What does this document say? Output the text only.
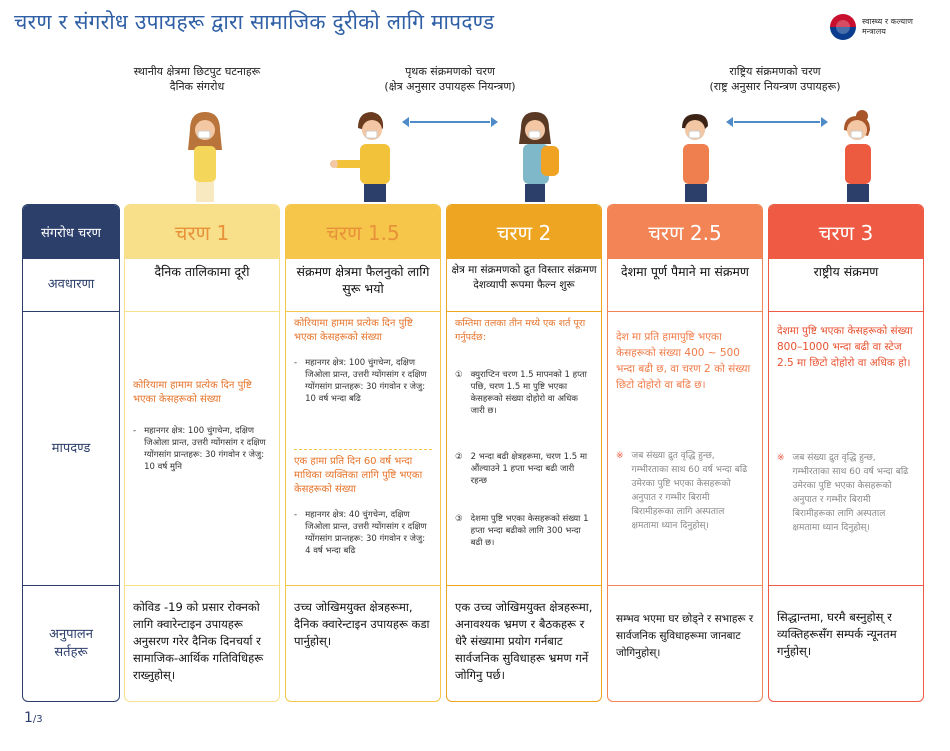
चरण र संगरोध उपायहरू द्वारा सामाजिक दुरीको लागि मापदण्ड	स्वास्थ्य र कल्याण
मन्त्रालय
स्थानीय क्षेत्रमा छिटपुट घटनाहरू
दैनिक संगरोध
पृथक संक्रमणको चरण
(क्षेत्र अनुसार उपायहरू नियन्त्रण)
राष्ट्रिय संक्रमणको चरण
(राष्ट्र अनुसार नियन्त्रण उपायहरू)
संगरोध चरण
अवधारणा
मापदण्ड
अनुपालन
सर्तहरू
चरण 1
दैनिक तालिकामा दूरी
कोरियामा हामाम प्रत्येक दिन पुष्टि भएका केसहरूको संख्या
- महानगर क्षेत्र: 100 चुंगचेन्ग, दक्षिण जिओला प्रान्त, उत्तरी ग्योंगसांग र दक्षिण ग्योंगसांग प्रान्तहरू: 30 गंगवोन र जेजु: 10 वर्ष मुनि
कोविड -19 को प्रसार रोक्नको लागि क्वारेन्टाइन उपायहरू अनुसरण गरेर दैनिक दिनचर्या र सामाजिक-आर्थिक गतिविधिहरू राख्नुहोस्।
चरण 1.5
संक्रमण क्षेत्रमा फैलनुको लागि सुरू भयो
कोरियामा हामाम प्रत्येक दिन पुष्टि भएका केसहरूको संख्या
- महानगर क्षेत्र: 100 चुंगचेन्ग, दक्षिण जिओला प्रान्त, उत्तरी ग्योंगसांग र दक्षिण ग्योंगसांग प्रान्तहरू: 30 गंगवोन र जेजु: 10 वर्ष भन्दा बढि
एक हामा प्रति दिन 60 वर्ष भन्दा माथिका व्यक्तिका लागि पुष्टि भएका केसहरूको संख्या
- महानगर क्षेत्र: 40 चुंगचेन्ग, दक्षिण जिओला प्रान्त, उत्तरी ग्योंगसांग र दक्षिण ग्योंगसांग प्रान्तहरू: 30 गंगवोन र जेजु: 4 वर्ष भन्दा बढि
उच्च जोखिमयुक्त क्षेत्रहरूमा, दैनिक क्वारेन्टाइन उपायहरू कडा पार्नुहोस्।
चरण 2
क्षेत्र मा संक्रमणको द्रुत विस्तार संक्रमण देशव्यापी रूपमा फैल्न शुरू
कम्तिमा तलका तीन मध्ये एक शर्त पूरा गर्नुपर्दछ:
① क्युराप्टिन चरण 1.5 मापनको 1 हप्ता पछि, चरण 1.5 मा पुष्टि भएका केसहरूको संख्या दोहोरो वा अधिक जारी छ।
② 2 भन्दा बढी क्षेत्रहरूमा, चरण 1.5 मा औंल्याउने 1 हप्ता भन्दा बढी जारी रहन्छ
③ देशमा पुष्टि भएका केसहरूको संख्या 1 हप्ता भन्दा बढीको लागि 300 भन्दा बढी छ।
एक उच्च जोखिमयुक्त क्षेत्रहरूमा, अनावश्यक भ्रमण र बैठकहरू र धेरै संख्यामा प्रयोग गर्नबाट सार्वजनिक सुविधाहरू भ्रमण गर्ने जोगिनु पर्छ।
चरण 2.5
देशमा पूर्ण पैमाने मा संक्रमण
देश मा प्रति हामापुष्टि भएका केसहरूको संख्या 400 ~ 500 भन्दा बढी छ, वा चरण 2 को संख्या छिटो दोहोरो वा बढि छ।
※ जब संख्या द्रुत वृद्धि हुन्छ, गम्भीरताका साथ 60 वर्ष भन्दा बढि उमेरका पुष्टि भएका केसहरूको अनुपात र गम्भीर बिरामी बिरामीहरूका लागि अस्पताल क्षमतामा ध्यान दिनुहोस्।
सम्भव भएमा घर छोड्ने र सभाहरू र सार्वजनिक सुविधाहरूमा जानबाट जोगिनुहोस्।
चरण 3
राष्ट्रीय संक्रमण
देशमा पुष्टि भएका केसहरूको संख्या 800–1000 भन्दा बढी वा स्टेज 2.5 मा छिटो दोहोरो वा अधिक हो।
※ जब संख्या द्रुत वृद्धि हुन्छ, गम्भीरताका साथ 60 वर्ष भन्दा बढि उमेरका पुष्टि भएका केसहरूको अनुपात र गम्भीर बिरामी बिरामीहरूका लागि अस्पताल क्षमतामा ध्यान दिनुहोस्।
सिद्धान्तमा, घरमै बस्नुहोस् र व्यक्तिहरूसँग सम्पर्क न्यूनतम गर्नुहोस्।
1/3
